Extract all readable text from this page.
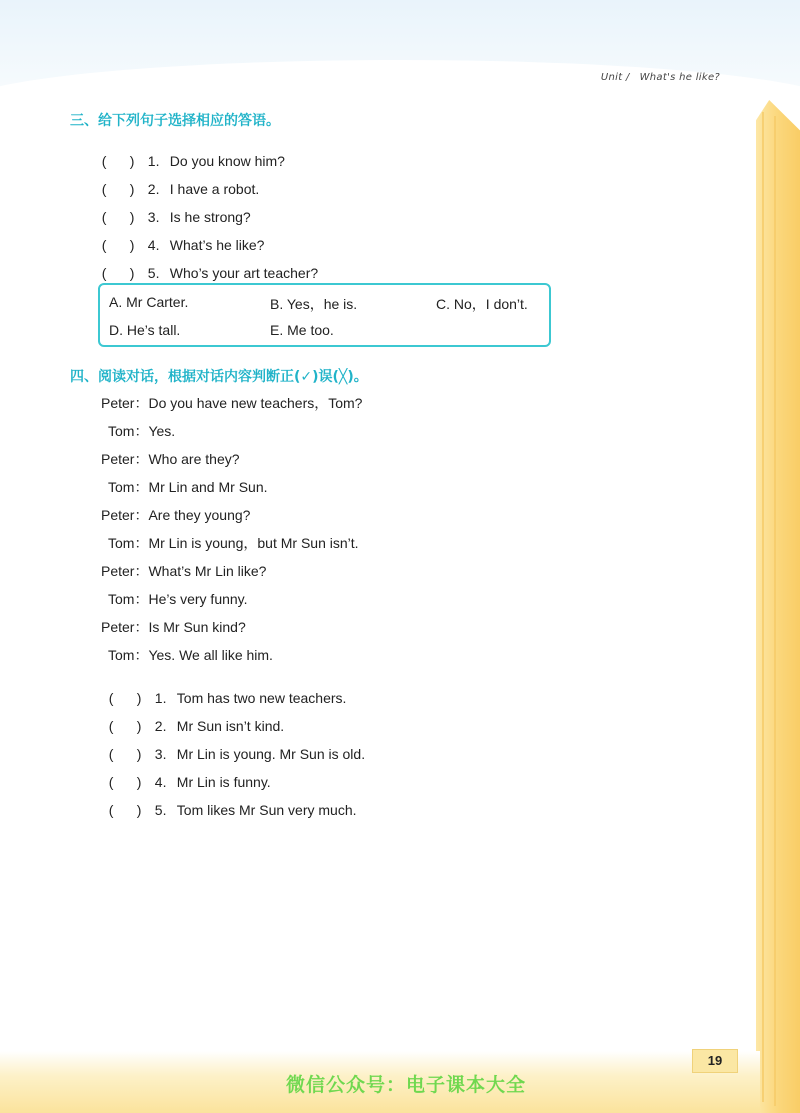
Unit / What's he like?
三、给下列句子选择相应的答语。

(      ) 1. Do you know him?

(      ) 2. I have a robot.

(      ) 3. Is he strong?

(      ) 4. What’s he like?

(      ) 5. Who’s your art teacher?

A. Mr Carter.	B. Yes，he is.	C. No，I don’t.
D. He’s tall.	E. Me too.
四、阅读对话，根据对话内容判断正(✓)误(╳)。
Peter：Do you have new teachers，Tom?
Tom：Yes.
Peter：Who are they?
Tom：Mr Lin and Mr Sun.
Peter：Are they young?
Tom：Mr Lin is young，but Mr Sun isn’t.
Peter：What’s Mr Lin like?
Tom：He’s very funny.
Peter：Is Mr Sun kind?
Tom：Yes. We all like him.

(      ) 1. Tom has two new teachers.

(      ) 2. Mr Sun isn’t kind.

(      ) 3. Mr Lin is young. Mr Sun is old.

(      ) 4. Mr Lin is funny.

(      ) 5. Tom likes Mr Sun very much.

19
微信公众号：电子课本大全
